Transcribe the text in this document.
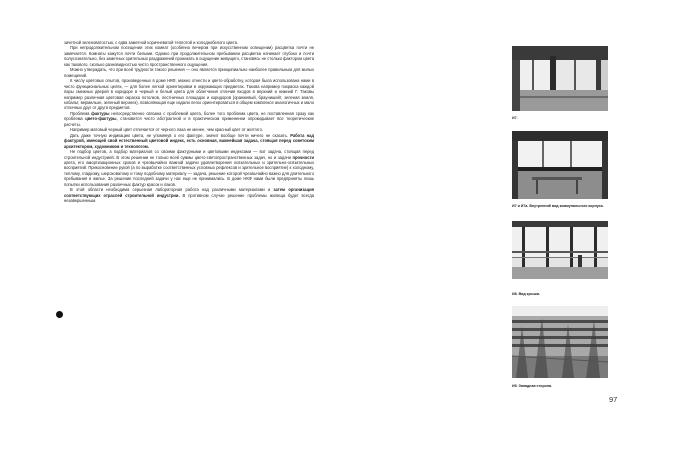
зачетной зеленоватостью, с едва заметной коричневатой теплотой и холоднобелого цвета.

При непродолжительном посещении этих комнат (особенно вечером при искусственном освещении) расцветка почти не замечается. Комнаты кажутся почти белыми. Однако при продолжительном пребывании расцветка начинает глубоко и почти полусознательно, без заметных зрительных раздражений проникать в ощущение живущего, становясь не столько фактором цвета как такового, сколько разновидностью чисто пространственного ощущения.

Можно утверждать, что при всей трудности такого решения — оно является принципиально наиболее правильным для жилых помещений.

К числу цветовых опытов, произведенных в доме НКФ, можно отнести и цвето-обработку, которая была использована нами в чисто функциональных целях, — для более легкой ориентировки в окружающих предметах. Такова например покраска каждой пары смежных дверей в коридоре в черный и белый цвета для облегчения отличия входов в верхний и нижний Г. Таковы например различная цветовая окраска потолков, лестничных площадок и коридоров (оранжевый, браунишейт, зеленая земля, кобальт, вермильон, зеленый веронез), позволяющая еще издали легко ориентироваться в общем комплексе аналогичных и мало отличных друг от друга предметов.

Проблема фактуры непосредственно связана с проблемой цвета, более того проблема цвета, не поставленная сразу как проблема цвето-фактуры, становится чисто абстрактной и в практическом применении опрокидывает все теоретические расчеты.

Например матовый черный цвет отличается от черного лака не менее, чем красный цвет от желтого.

Дать даже точную индикацию цвета, не упомянув о его фактуре, значит вообще почти ничего не сказать. Работа над фактурой, имеющей свой естественный цветовой индекс, есть основная, важнейшая задача, стоящая перед советским архитектором, художником и технологом.

Не подбор цветов, а подбор материалов со своими фактурными и цветовыми индексами — вот задача, стоящая перед строительной индустрией. В этом решении не только всей суммы цвето-светопространственных задач, но и задачи прочности цвета, его амортизационных сроков и чрезвычайно важной задачи удовлетворения осязательных и зрительно-осязательных восприятий. Прикосновение рукой (а по выработке соответственных условных рефлексов и зрительное восприятие) к холодному, теплому, гладкому, шероховатому и тому подобному материалу — задача, решение которой чрезвычайно важно для длительного пребывания в жилье. За решение последней задачи у нас еще не принимались. В доме НКФ нами были предприняты лишь попытки использования различных фактур красок и лаков.

В этой области необходима серьезная лабораторная работа над различными материалами и затем организация соответствующих отраслей строительной индустрии. В противном случае решение проблемы жилища будет всегда незавершенным.

И7.
И7 и И7а. Внутренний вид коммунального корпуса.
И8. Вид крыши.
И9. Западная сторона.
97
